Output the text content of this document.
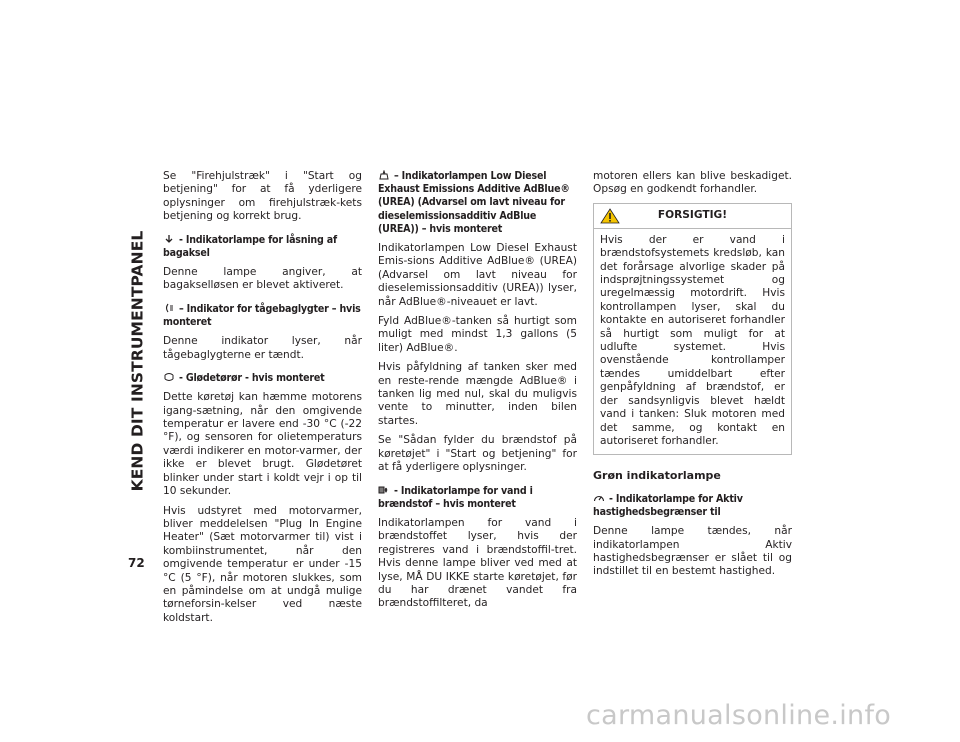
KEND DIT INSTRUMENTPANEL
72

Se "Firehjulstræk" i "Start og betjening" for at få yderligere oplysninger om firehjulstræk-kets betjening og korrekt brug.

- Indikatorlampe for låsning af bagaksel

Denne lampe angiver, at bagakselløsen er blevet aktiveret.

– Indikator for tågebaglygter – hvis monteret

Denne indikator lyser, når tågebaglygterne er tændt.

- Glødetørør - hvis monteret

Dette køretøj kan hæmme motorens igang-sætning, når den omgivende temperatur er lavere end -30 °C (-22 °F), og sensoren for olietemperaturs værdi indikerer en motor-varmer, der ikke er blevet brugt. Glødetøret blinker under start i koldt vejr i op til 10 sekunder.

Hvis udstyret med motorvarmer, bliver meddelelsen "Plug In Engine Heater" (Sæt motorvarmer til) vist i kombiinstrumentet, når den omgivende temperatur er under -15 °C (5 °F), når motoren slukkes, som en påmindelse om at undgå mulige tørneforsin-kelser ved næste koldstart.

– Indikatorlampen Low Diesel Exhaust Emissions Additive AdBlue® (UREA) (Advarsel om lavt niveau for dieselemissionsadditiv AdBlue (UREA)) – hvis monteret

Indikatorlampen Low Diesel Exhaust Emis-sions Additive AdBlue® (UREA) (Advarsel om lavt niveau for dieselemissionsadditiv (UREA)) lyser, når AdBlue®-niveauet er lavt.

Fyld AdBlue®-tanken så hurtigt som muligt med mindst 1,3 gallons (5 liter) AdBlue®.

Hvis påfyldning af tanken sker med en reste-rende mængde AdBlue® i tanken lig med nul, skal du muligvis vente to minutter, inden bilen startes.

Se "Sådan fylder du brændstof på køretøjet" i "Start og betjening" for at få yderligere oplysninger.

- Indikatorlampe for vand i brændstof – hvis monteret

Indikatorlampen for vand i brændstoffet lyser, hvis der registreres vand i brændstoffil-tret. Hvis denne lampe bliver ved med at lyse, MÅ DU IKKE starte køretøjet, før du har drænet vandet fra brændstoffilteret, da

motoren ellers kan blive beskadiget. Opsøg en godkendt forhandler.

FORSIGTIG!
Hvis der er vand i brændstofsystemets kredsløb, kan det forårsage alvorlige skader på indsprøjtningssystemet og uregelmæssig motordrift. Hvis kontrollampen lyser, skal du kontakte en autoriseret forhandler så hurtigt som muligt for at udlufte systemet. Hvis ovenstående kontrollamper tændes umiddelbart efter genpåfyldning af brændstof, er der sandsynligvis blevet hældt vand i tanken: Sluk motoren med det samme, og kontakt en autoriseret forhandler.
Grøn indikatorlampe
- Indikatorlampe for Aktiv hastighedsbegrænser til

Denne lampe tændes, når indikatorlampen Aktiv hastighedsbegrænser er slået til og indstillet til en bestemt hastighed.

carmanualsonline.info
